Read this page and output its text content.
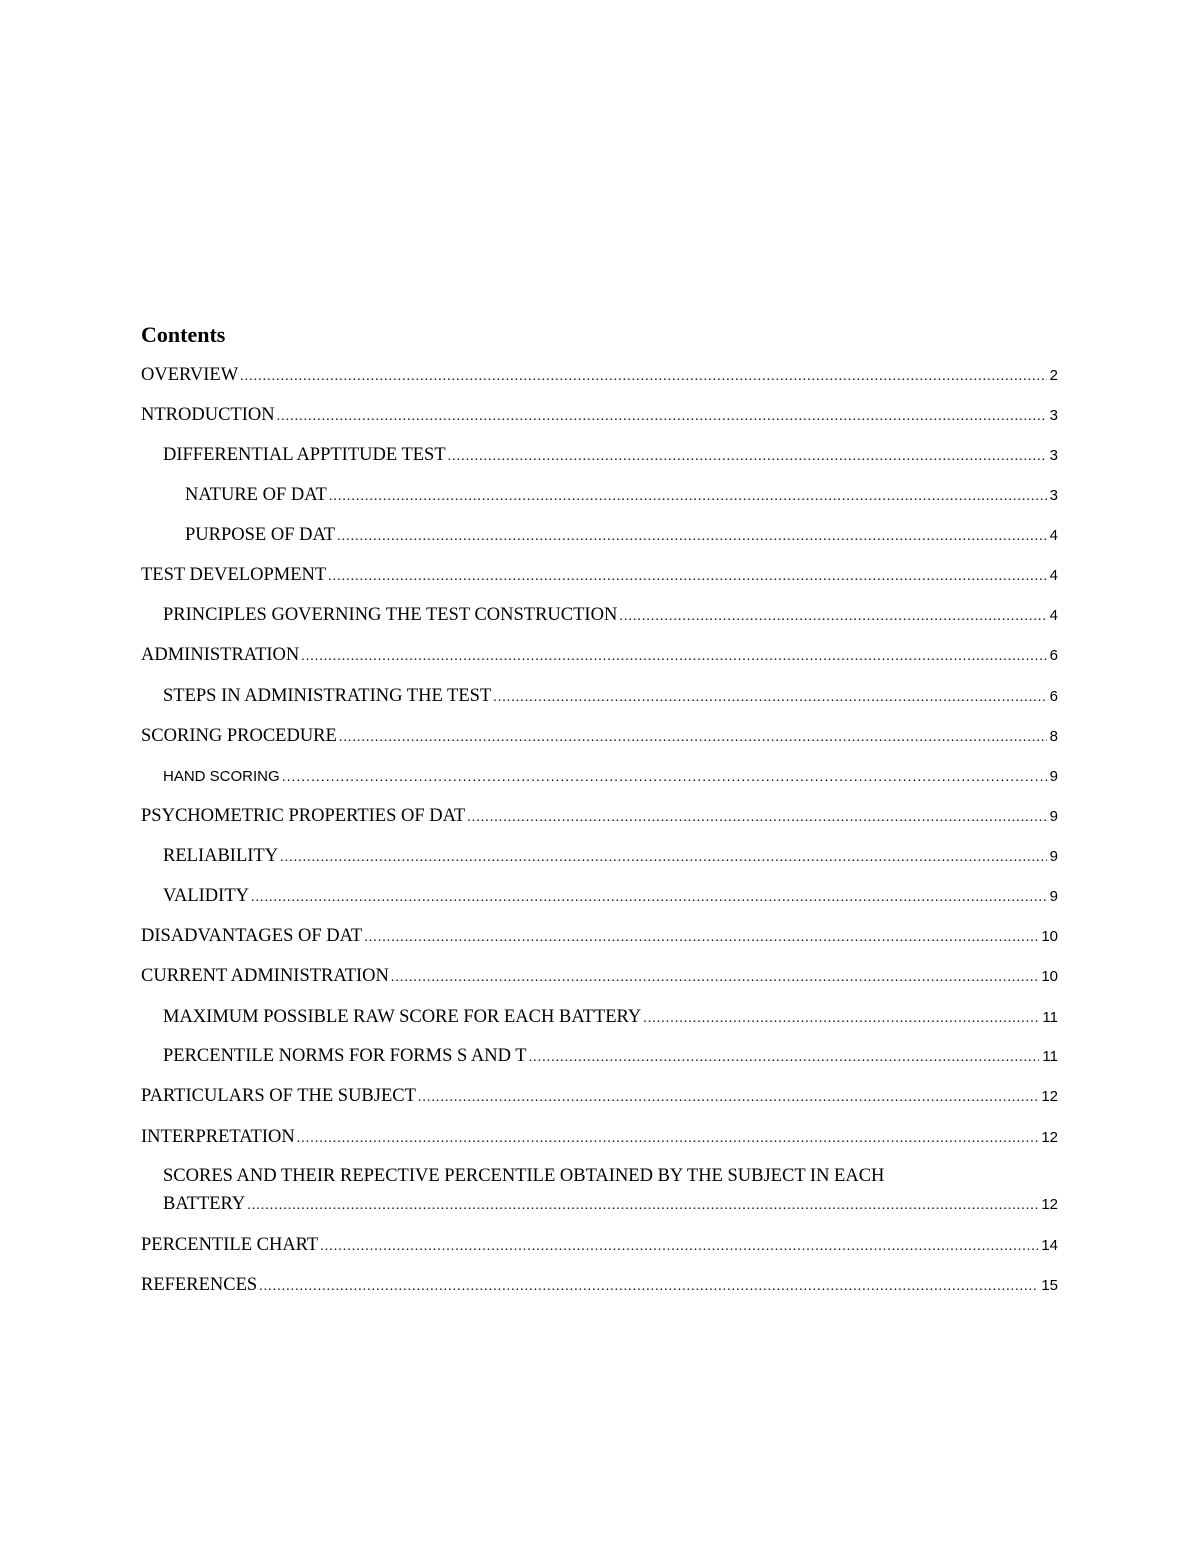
Contents
OVERVIEW .....	2
NTRODUCTION .....	3
DIFFERENTIAL APPTITUDE TEST .....	3
NATURE OF DAT .....	3
PURPOSE OF DAT .....	4
TEST DEVELOPMENT .....	4
PRINCIPLES GOVERNING THE TEST CONSTRUCTION .....	4
ADMINISTRATION .....	6
STEPS IN ADMINISTRATING THE TEST .....	6
SCORING PROCEDURE .....	8
HAND SCORING .....	9
PSYCHOMETRIC PROPERTIES OF DAT .....	9
RELIABILITY .....	9
VALIDITY .....	9
DISADVANTAGES OF DAT .....	10
CURRENT ADMINISTRATION .....	10
MAXIMUM POSSIBLE RAW SCORE FOR EACH BATTERY .....	11
PERCENTILE NORMS FOR FORMS S AND T .....	11
PARTICULARS OF THE SUBJECT .....	12
INTERPRETATION .....	12
SCORES AND THEIR REPECTIVE PERCENTILE OBTAINED BY THE SUBJECT IN EACH
BATTERY .....	12
PERCENTILE CHART .....	14
REFERENCES .....	15
